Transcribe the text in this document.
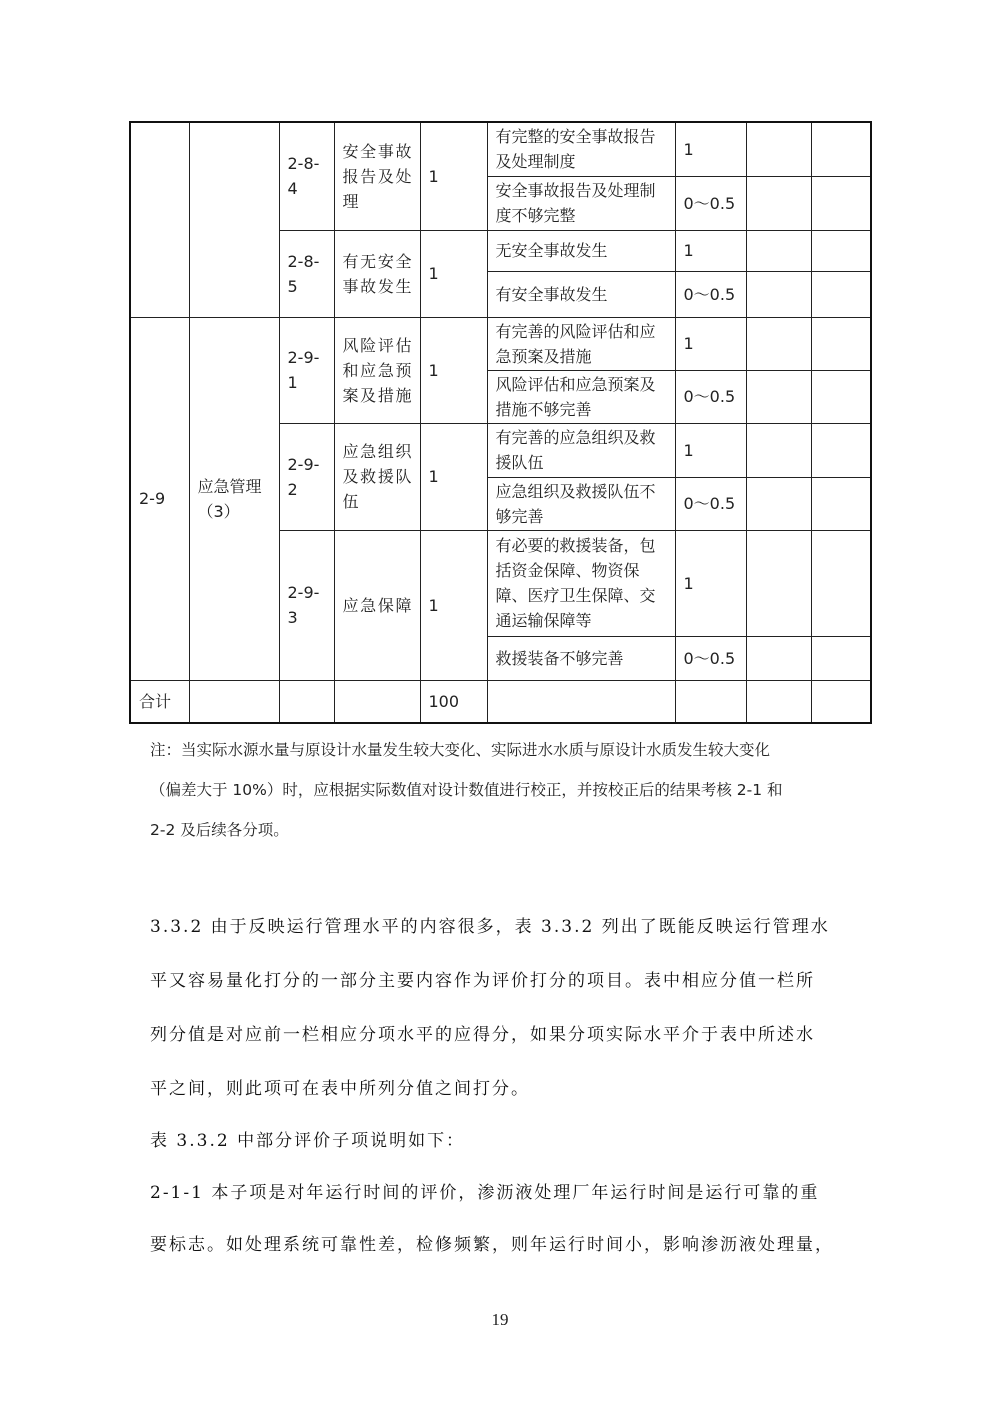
		2-8-4	安全事故报告及处理	1	有完整的安全事故报告及处理制度	1		
					安全事故报告及处理制度不够完整	0～0.5		
		2-8-5	有无安全事故发生	1	无安全事故发生	1		
					有安全事故发生	0～0.5		
2-9	应急管理（3）	2-9-1	风险评估和应急预案及措施	1	有完善的风险评估和应急预案及措施	1		
					风险评估和应急预案及措施不够完善	0～0.5		
		2-9-2	应急组织及救援队伍	1	有完善的应急组织及救援队伍	1		
					应急组织及救援队伍不够完善	0～0.5		
		2-9-3	应急保障	1	有必要的救援装备，包括资金保障、物资保障、医疗卫生保障、交通运输保障等	1		
					救援装备不够完善	0～0.5		
合计				100				
注：当实际水源水量与原设计水量发生较大变化、实际进水水质与原设计水质发生较大变化
（偏差大于 10%）时，应根据实际数值对设计数值进行校正，并按校正后的结果考核 2-1 和
2-2 及后续各分项。
3.3.2 由于反映运行管理水平的内容很多，表 3.3.2 列出了既能反映运行管理水
平又容易量化打分的一部分主要内容作为评价打分的项目。表中相应分值一栏所
列分值是对应前一栏相应分项水平的应得分，如果分项实际水平介于表中所述水
平之间，则此项可在表中所列分值之间打分。
表 3.3.2 中部分评价子项说明如下：
2-1-1 本子项是对年运行时间的评价，渗沥液处理厂年运行时间是运行可靠的重
要标志。如处理系统可靠性差，检修频繁，则年运行时间小，影响渗沥液处理量，
19
